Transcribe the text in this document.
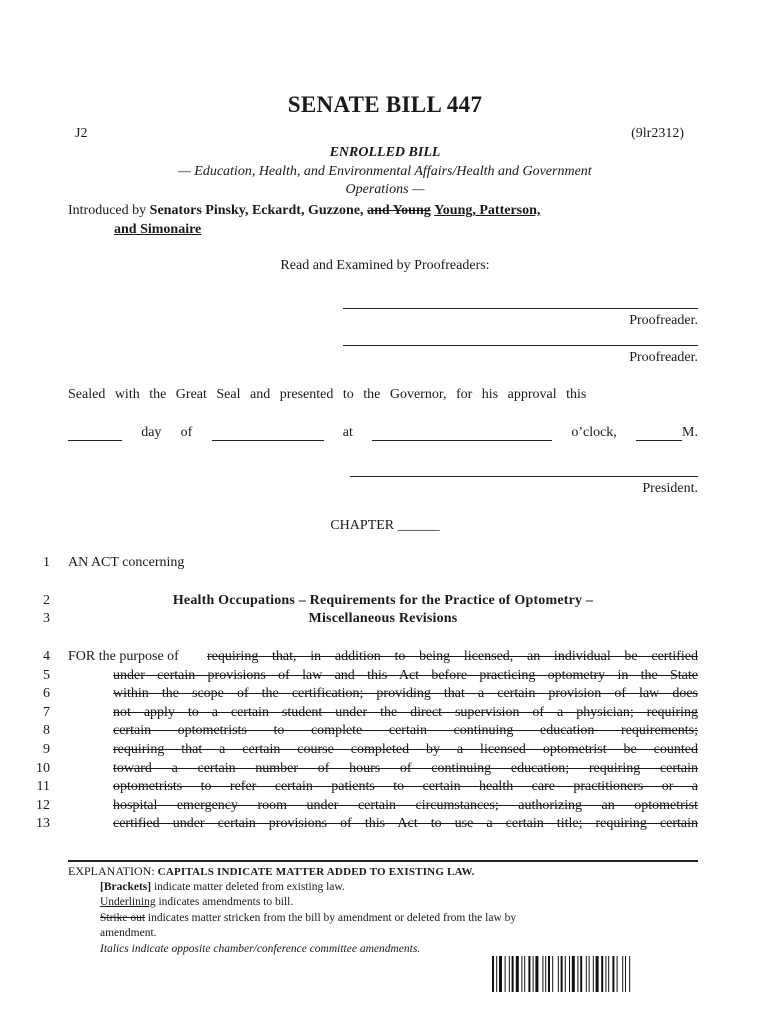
SENATE BILL 447
J2	(9lr2312)
ENROLLED BILL
— Education, Health, and Environmental Affairs/Health and Government
Operations —
Introduced by Senators Pinsky, Eckardt, Guzzone, and Young Young, Patterson,
and Simonaire
Read and Examined by Proofreaders:
Proofreader.
Proofreader.
Sealed with the Great Seal and presented to the Governor, for his approval this
day of	at	o’clock,	M.
President.
CHAPTER ______
1
2
3
4
5
6
7
8
9
10
11
12
13
AN ACT concerning
Health Occupations – Requirements for the Practice of Optometry –
Miscellaneous Revisions
FOR the purpose of requiring that, in addition to being licensed, an individual be certified
under certain provisions of law and this Act before practicing optometry in the State
within the scope of the certification; providing that a certain provision of law does
not apply to a certain student under the direct supervision of a physician; requiring
certain optometrists to complete certain continuing education requirements;
requiring that a certain course completed by a licensed optometrist be counted
toward a certain number of hours of continuing education; requiring certain
optometrists to refer certain patients to certain health care practitioners or a
hospital emergency room under certain circumstances; authorizing an optometrist
certified under certain provisions of this Act to use a certain title; requiring certain
EXPLANATION: CAPITALS INDICATE MATTER ADDED TO EXISTING LAW.
[Brackets] indicate matter deleted from existing law.
Underlining indicates amendments to bill.
Strike out indicates matter stricken from the bill by amendment or deleted from the law by
amendment.
Italics indicate opposite chamber/conference committee amendments.
